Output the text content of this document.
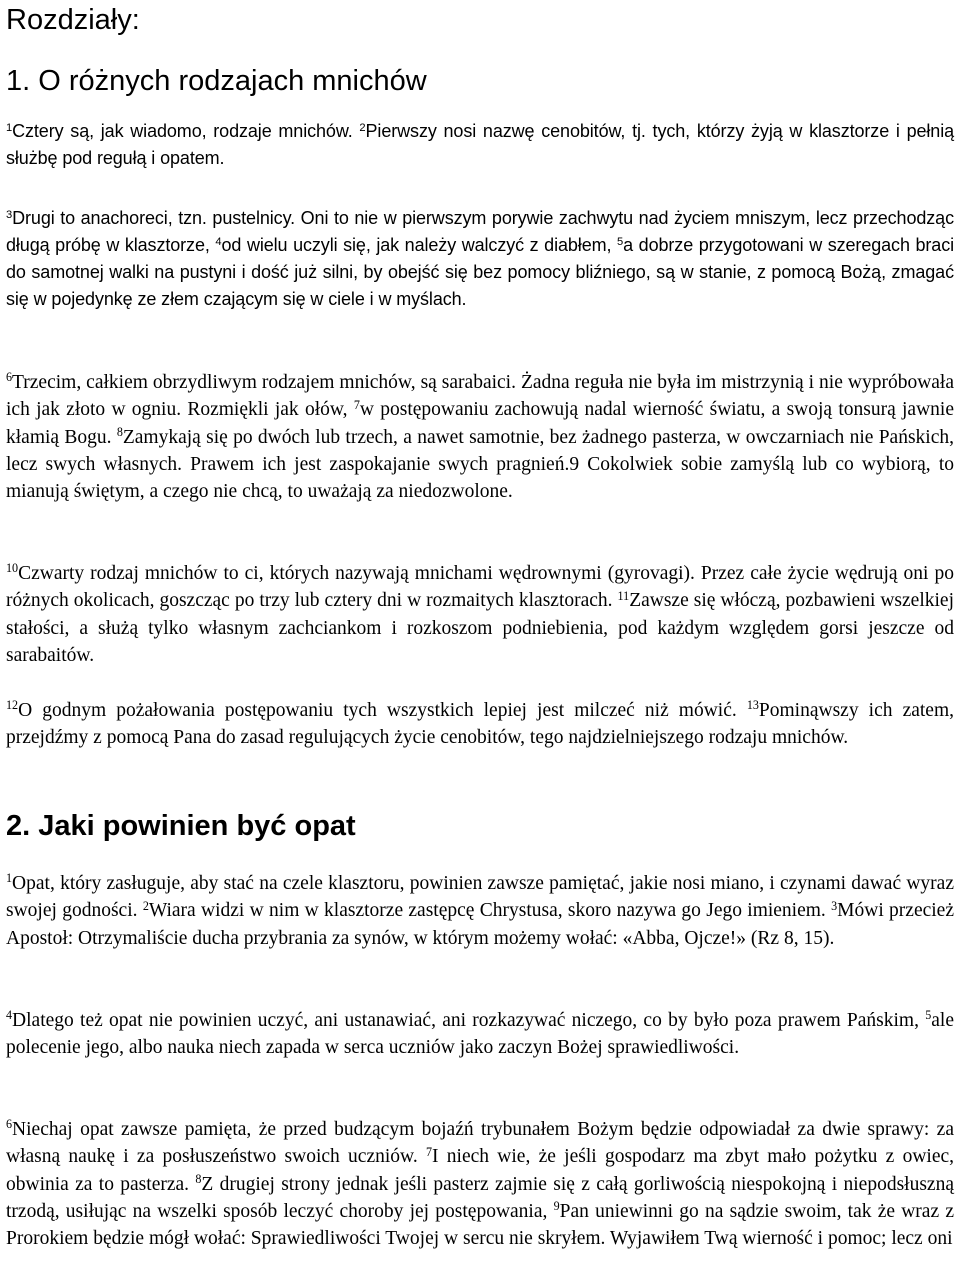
Rozdziały:
1. O różnych rodzajach mnichów

$^1$Cztery są, jak wiadomo, rodzaje mnichów. $^2$Pierwszy nosi nazwę cenobitów, tj. tych, którzy żyją w klasztorze i pełnią służbę pod regułą i opatem.

$^3$Drugi to anachoreci, tzn. pustelnicy. Oni to nie w pierwszym porywie zachwytu nad życiem mniszym, lecz przechodząc długą próbę w klasztorze, $^4$od wielu uczyli się, jak należy walczyć z diabłem, $^5$a dobrze przygotowani w szeregach braci do samotnej walki na pustyni i dość już silni, by obejść się bez pomocy bliźniego, są w stanie, z pomocą Bożą, zmagać się w pojedynkę ze złem czającym się w ciele i w myślach.

$^6$Trzecim, całkiem obrzydliwym rodzajem mnichów, są sarabaici. Żadna reguła nie była im mistrzynią i nie wypróbowała ich jak złoto w ogniu. Rozmiękli jak ołów, $^7$w postępowaniu zachowują nadal wierność światu, a swoją tonsurą jawnie kłamią Bogu. $^8$Zamykają się po dwóch lub trzech, a nawet samotnie, bez żadnego pasterza, w owczarniach nie Pańskich, lecz swych własnych. Prawem ich jest zaspokajanie swych pragnień.9 Cokolwiek sobie zamyślą lub co wybiorą, to mianują świętym, a czego nie chcą, to uważają za niedozwolone.

$^{10}$Czwarty rodzaj mnichów to ci, których nazywają mnichami wędrownymi (gyrovagi). Przez całe życie wędrują oni po różnych okolicach, goszcząc po trzy lub cztery dni w rozmaitych klasztorach. $^{11}$Zawsze się włóczą, pozbawieni wszelkiej stałości, a służą tylko własnym zachciankom i rozkoszom podniebienia, pod każdym względem gorsi jeszcze od sarabaitów.

$^{12}$O godnym pożałowania postępowaniu tych wszystkich lepiej jest milczeć niż mówić. $^{13}$Pominąwszy ich zatem, przejdźmy z pomocą Pana do zasad regulujących życie cenobitów, tego najdzielniejszego rodzaju mnichów.

2. Jaki powinien być opat

$^1$Opat, który zasługuje, aby stać na czele klasztoru, powinien zawsze pamiętać, jakie nosi miano, i czynami dawać wyraz swojej godności. $^2$Wiara widzi w nim w klasztorze zastępcę Chrystusa, skoro nazywa go Jego imieniem. $^3$Mówi przecież Apostoł: Otrzymaliście ducha przybrania za synów, w którym możemy wołać: «Abba, Ojcze!» (Rz 8, 15).

$^4$Dlatego też opat nie powinien uczyć, ani ustanawiać, ani rozkazywać niczego, co by było poza prawem Pańskim, $^5$ale polecenie jego, albo nauka niech zapada w serca uczniów jako zaczyn Bożej sprawiedliwości.

$^6$Niechaj opat zawsze pamięta, że przed budzącym bojaźń trybunałem Bożym będzie odpowiadał za dwie sprawy: za własną naukę i za posłuszeństwo swoich uczniów. $^7$I niech wie, że jeśli gospodarz ma zbyt mało pożytku z owiec, obwinia za to pasterza. $^8$Z drugiej strony jednak jeśli pasterz zajmie się z całą gorliwością niespokojną i niepodsłuszną trzodą, usiłując na wszelki sposób leczyć choroby jej postępowania, $^9$Pan uniewinni go na sądzie swoim, tak że wraz z Prorokiem będzie mógł wołać: Sprawiedliwości Twojej w sercu nie skryłem. Wyjawiłem Twą wierność i pomoc; lecz oni
